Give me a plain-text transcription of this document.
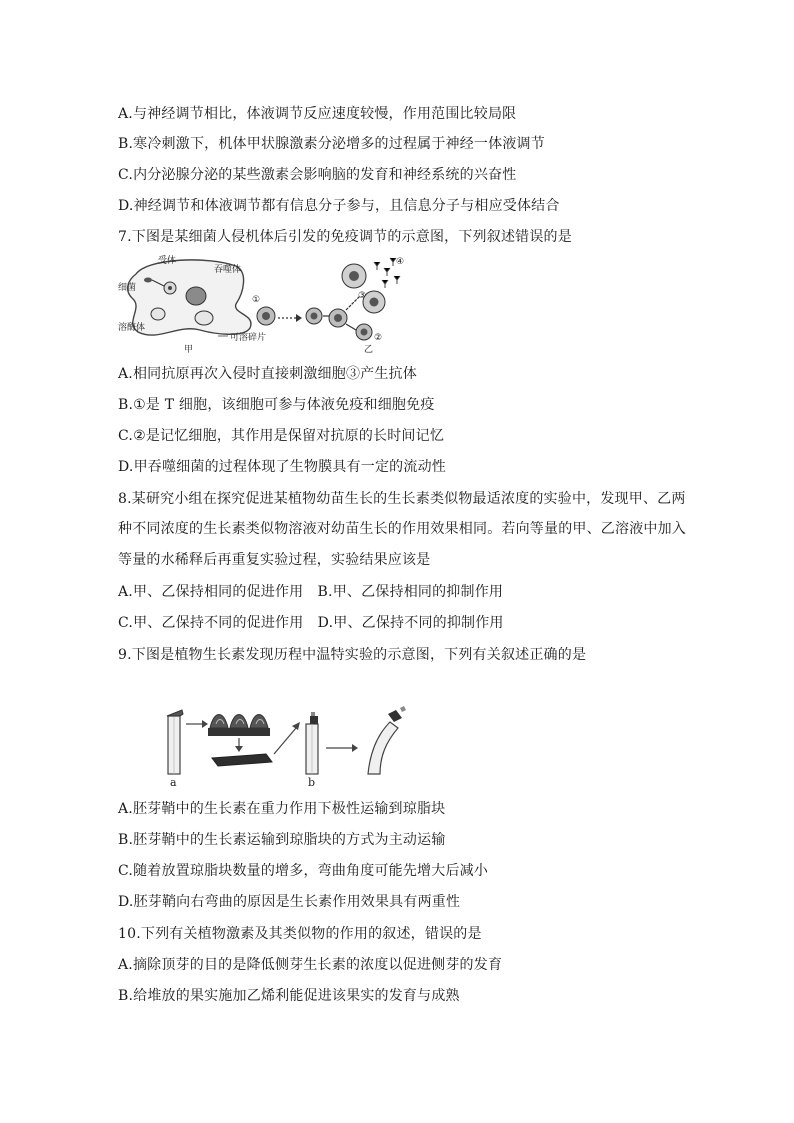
A.与神经调节相比，体液调节反应速度较慢，作用范围比较局限
B.寒冷刺激下，机体甲状腺激素分泌增多的过程属于神经一体液调节
C.内分泌腺分泌的某些激素会影响脑的发育和神经系统的兴奋性
D.神经调节和体液调节都有信息分子参与，且信息分子与相应受体结合
7.下图是某细菌人侵机体后引发的免疫调节的示意图，下列叙述错误的是
受体
吞噬体
细菌
溶酶体
可溶碎片
甲
①	③
②
④
乙
A.相同抗原再次入侵时直接刺激细胞③产生抗体
B.①是 T 细胞，该细胞可参与体液免疫和细胞免疫
C.②是记忆细胞，其作用是保留对抗原的长时间记忆
D.甲吞噬细菌的过程体现了生物膜具有一定的流动性
8.某研究小组在探究促进某植物幼苗生长的生长素类似物最适浓度的实验中，发现甲、乙两
种不同浓度的生长素类似物溶液对幼苗生长的作用效果相同。若向等量的甲、乙溶液中加入
等量的水稀释后再重复实验过程，实验结果应该是
A.甲、乙保持相同的促进作用　B.甲、乙保持相同的抑制作用
C.甲、乙保持不同的促进作用　D.甲、乙保持不同的抑制作用
9.下图是植物生长素发现历程中温特实验的示意图，下列有关叙述正确的是
a	b
A.胚芽鞘中的生长素在重力作用下极性运输到琼脂块
B.胚芽鞘中的生长素运输到琼脂块的方式为主动运输
C.随着放置琼脂块数量的增多，弯曲角度可能先增大后减小
D.胚芽鞘向右弯曲的原因是生长素作用效果具有两重性
10.下列有关植物激素及其类似物的作用的叙述，错误的是
A.摘除顶芽的目的是降低侧芽生长素的浓度以促进侧芽的发育
B.给堆放的果实施加乙烯利能促进该果实的发育与成熟
